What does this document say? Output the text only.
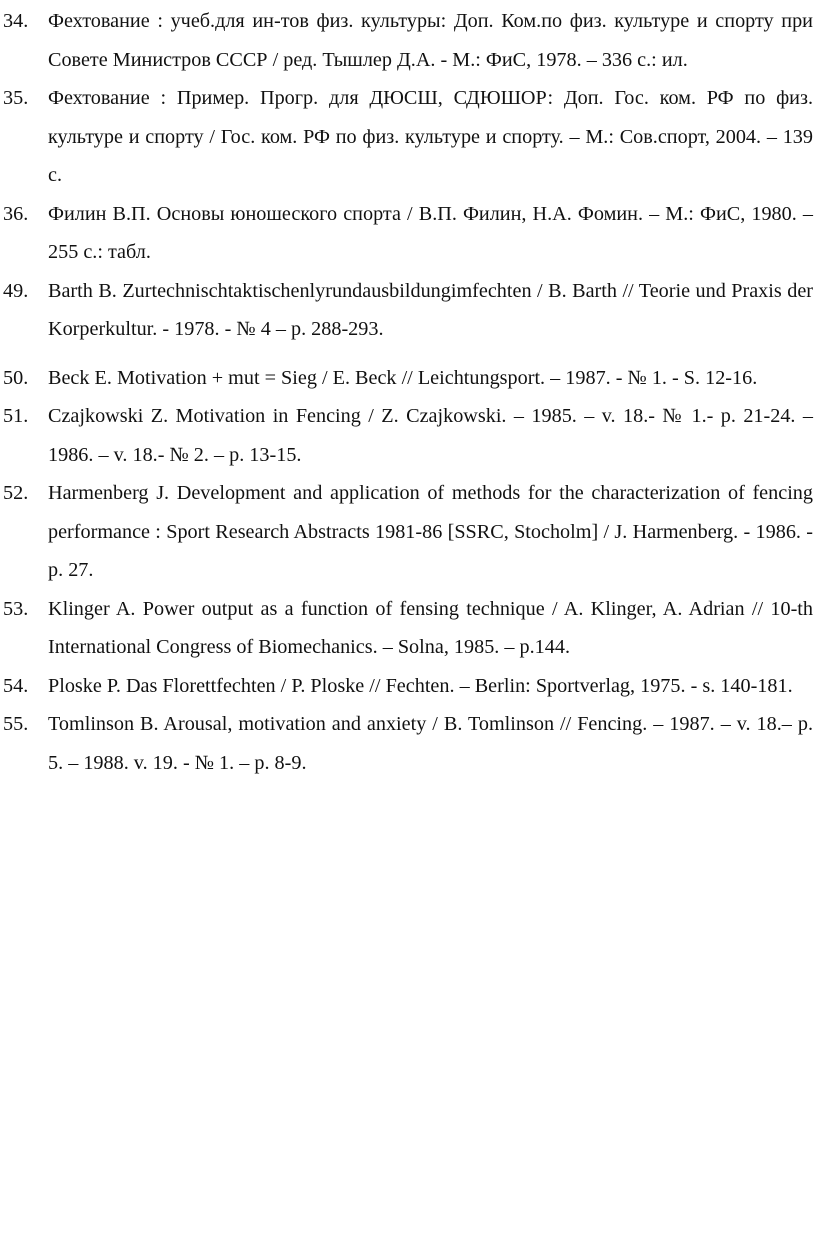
34. Фехтование : учеб.для ин-тов физ. культуры: Доп. Ком.по физ. культуре и спорту при Совете Министров СССР / ред. Тышлер Д.А. - М.: ФиС, 1978. – 336 с.: ил.
35. Фехтование : Пример. Прогр. для ДЮСШ, СДЮШОР: Доп. Гос. ком. РФ по физ. культуре и спорту / Гос. ком. РФ по физ. культуре и спорту. – М.: Сов.спорт, 2004. – 139 с.
36. Филин В.П. Основы юношеского спорта / В.П. Филин, Н.А. Фомин. – М.: ФиС, 1980. – 255 с.: табл.
49. Barth B. Zurtechnischtaktischenlyrundausbildungimfechten / B. Barth // Teorie und Praxis der Korperkultur. - 1978. - № 4 – p. 288-293.
50. Beck E. Motivation + mut = Sieg / E. Beck // Leichtungsport. – 1987. - № 1. - S. 12-16.
51. Czajkowski Z. Motivation in Fencing / Z. Czajkowski. – 1985. – v. 18.- № 1.- p. 21-24. – 1986. – v. 18.- № 2. – p. 13-15.
52. Harmenberg J. Development and application of methods for the characterization of fencing performance : Sport Research Abstracts 1981-86 [SSRC, Stocholm] / J. Harmenberg. - 1986. - p. 27.
53. Klinger A. Power output as a function of fensing technique / A. Klinger, A. Adrian // 10-th International Congress of Biomechanics. – Solna, 1985. – p.144.
54. Ploske P. Das Florettfechten / P. Ploske // Fechten. – Berlin: Sportverlag, 1975. - s. 140-181.
55. Tomlinson B. Arousal, motivation and anxiety / B. Tomlinson // Fencing. – 1987. – v. 18.– p. 5. – 1988. v. 19. - № 1. – p. 8-9.
